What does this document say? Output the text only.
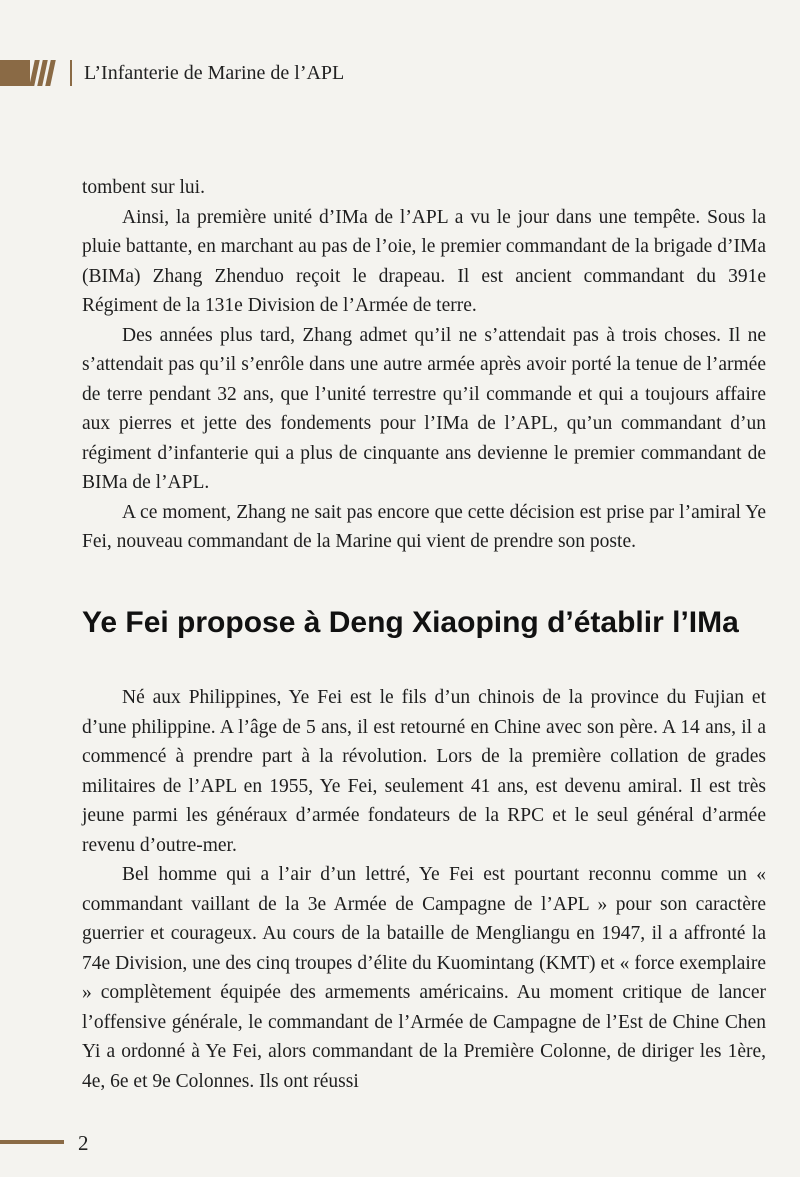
L’Infanterie de Marine de l’APL

tombent sur lui.

Ainsi, la première unité d’IMa de l’APL a vu le jour dans une tempête. Sous la pluie battante, en marchant au pas de l’oie, le premier commandant de la brigade d’IMa (BIMa) Zhang Zhenduo reçoit le drapeau. Il est ancient commandant du 391e Régiment de la 131e Division de l’Armée de terre.

Des années plus tard, Zhang admet qu’il ne s’attendait pas à trois choses. Il ne s’attendait pas qu’il s’enrôle dans une autre armée après avoir porté la tenue de l’armée de terre pendant 32 ans, que l’unité terrestre qu’il commande et qui a toujours affaire aux pierres et jette des fondements pour l’IMa de l’APL, qu’un commandant d’un régiment d’infanterie qui a plus de cinquante ans devienne le premier commandant de BIMa de l’APL.

A ce moment, Zhang ne sait pas encore que cette décision est prise par l’amiral Ye Fei, nouveau commandant de la Marine qui vient de prendre son poste.

Ye Fei propose à Deng Xiaoping d’établir l’IMa

Né aux Philippines, Ye Fei est le fils d’un chinois de la province du Fujian et d’une philippine. A l’âge de 5 ans, il est retourné en Chine avec son père. A 14 ans, il a commencé à prendre part à la révolution. Lors de la première collation de grades militaires de l’APL en 1955, Ye Fei, seulement 41 ans, est devenu amiral. Il est très jeune parmi les généraux d’armée fondateurs de la RPC et le seul général d’armée revenu d’outre-mer.

Bel homme qui a l’air d’un lettré, Ye Fei est pourtant reconnu comme un « commandant vaillant de la 3e Armée de Campagne de l’APL » pour son caractère guerrier et courageux. Au cours de la bataille de Mengliangu en 1947, il a affronté la 74e Division, une des cinq troupes d’élite du Kuomintang (KMT) et « force exemplaire » complètement équipée des armements américains. Au moment critique de lancer l’offensive générale, le commandant de l’Armée de Campagne de l’Est de Chine Chen Yi a ordonné à Ye Fei, alors commandant de la Première Colonne, de diriger les 1ère, 4e, 6e et 9e Colonnes. Ils ont réussi

2
